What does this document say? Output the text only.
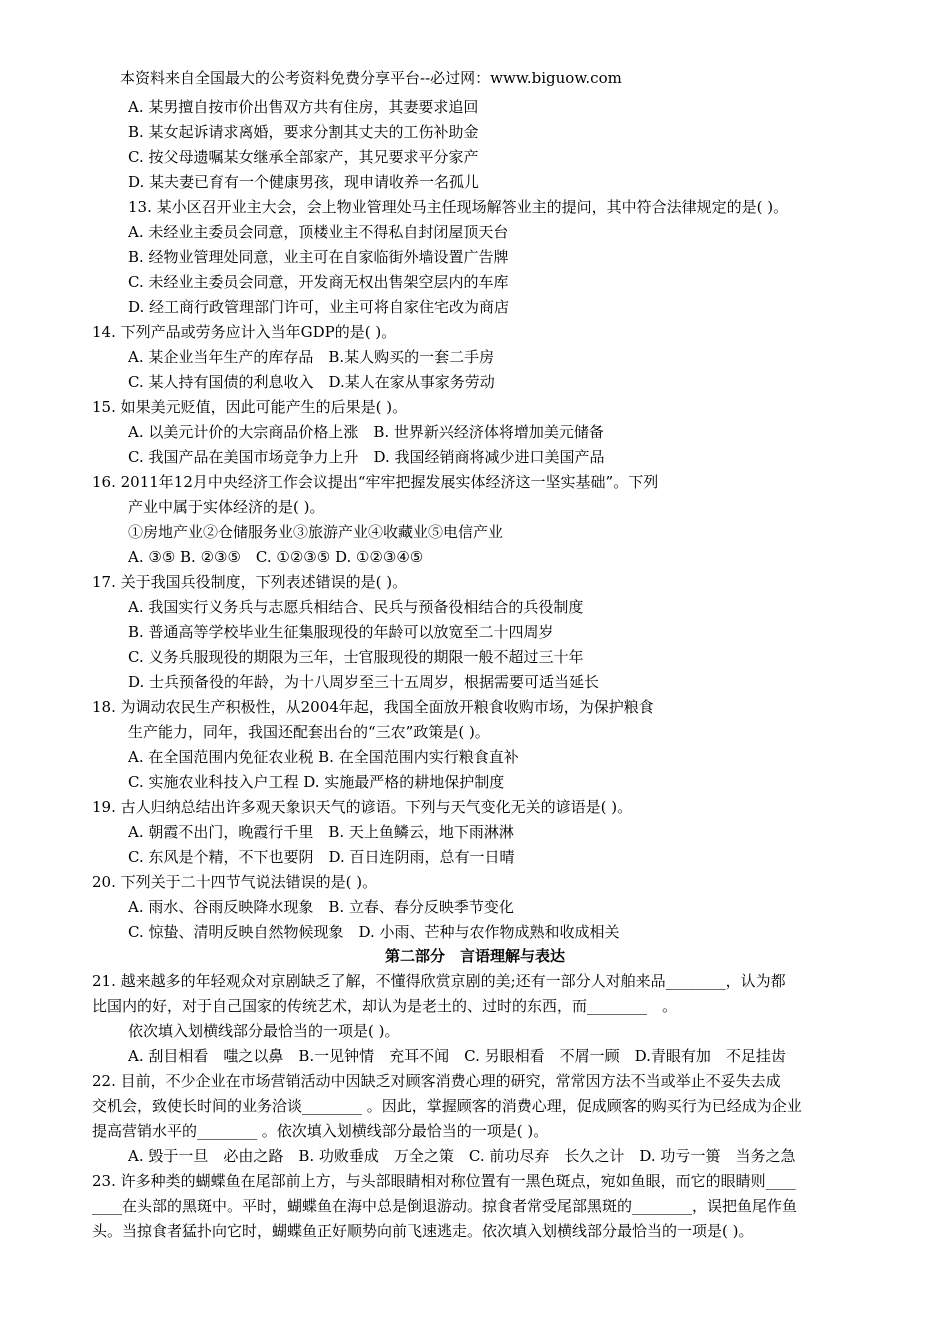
本资料来自全国最大的公考资料免费分享平台--必过网：www.biguow.com
A. 某男擅自按市价出售双方共有住房，其妻要求追回
B. 某女起诉请求离婚，要求分割其丈夫的工伤补助金
C. 按父母遗嘱某女继承全部家产，其兄要求平分家产
D. 某夫妻已育有一个健康男孩，现申请收养一名孤儿
13. 某小区召开业主大会，会上物业管理处马主任现场解答业主的提问，其中符合法律规定的是( )。
A. 未经业主委员会同意，顶楼业主不得私自封闭屋顶天台
B. 经物业管理处同意，业主可在自家临街外墙设置广告牌
C. 未经业主委员会同意，开发商无权出售架空层内的车库
D. 经工商行政管理部门许可，业主可将自家住宅改为商店
14. 下列产品或劳务应计入当年GDP的是( )。
A. 某企业当年生产的库存品　B.某人购买的一套二手房
C. 某人持有国债的利息收入　D.某人在家从事家务劳动
15. 如果美元贬值，因此可能产生的后果是( )。
A. 以美元计价的大宗商品价格上涨　B. 世界新兴经济体将增加美元储备
C. 我国产品在美国市场竞争力上升　D. 我国经销商将减少进口美国产品
16. 2011年12月中央经济工作会议提出“牢牢把握发展实体经济这一坚实基础”。下列
产业中属于实体经济的是( )。
①房地产业②仓储服务业③旅游产业④收藏业⑤电信产业
A. ③⑤ B. ②③⑤　C. ①②③⑤ D. ①②③④⑤
17. 关于我国兵役制度，下列表述错误的是( )。
A. 我国实行义务兵与志愿兵相结合、民兵与预备役相结合的兵役制度
B. 普通高等学校毕业生征集服现役的年龄可以放宽至二十四周岁
C. 义务兵服现役的期限为三年，士官服现役的期限一般不超过三十年
D. 士兵预备役的年龄，为十八周岁至三十五周岁，根据需要可适当延长
18. 为调动农民生产积极性，从2004年起，我国全面放开粮食收购市场，为保护粮食
生产能力，同年，我国还配套出台的“三农”政策是( )。
A. 在全国范围内免征农业税 B. 在全国范围内实行粮食直补
C. 实施农业科技入户工程 D. 实施最严格的耕地保护制度
19. 古人归纳总结出许多观天象识天气的谚语。下列与天气变化无关的谚语是( )。
A. 朝霞不出门，晚霞行千里　B. 天上鱼鳞云，地下雨淋淋
C. 东风是个精，不下也要阴　D. 百日连阴雨，总有一日晴
20. 下列关于二十四节气说法错误的是( )。
A. 雨水、谷雨反映降水现象　B. 立春、春分反映季节变化
C. 惊蛰、清明反映自然物候现象　D. 小雨、芒种与农作物成熟和收成相关
第二部分　言语理解与表达
21. 越来越多的年轻观众对京剧缺乏了解，不懂得欣赏京剧的美;还有一部分人对舶来品________，认为都
比国内的好，对于自己国家的传统艺术，却认为是老土的、过时的东西，而________　。
依次填入划横线部分最恰当的一项是( )。
A. 刮目相看　嗤之以鼻　B.一见钟情　充耳不闻　C. 另眼相看　不屑一顾　D.青眼有加　不足挂齿
22. 目前，不少企业在市场营销活动中因缺乏对顾客消费心理的研究，常常因方法不当或举止不妥失去成
交机会，致使长时间的业务洽谈________ 。因此，掌握顾客的消费心理，促成顾客的购买行为已经成为企业
提高营销水平的________ 。依次填入划横线部分最恰当的一项是( )。
A. 毁于一旦　必由之路　B. 功败垂成　万全之策　C. 前功尽弃　长久之计　D. 功亏一篑　当务之急
23. 许多种类的蝴蝶鱼在尾部前上方，与头部眼睛相对称位置有一黑色斑点，宛如鱼眼，而它的眼睛则____
____在头部的黑斑中。平时，蝴蝶鱼在海中总是倒退游动。掠食者常受尾部黑斑的________，误把鱼尾作鱼
头。当掠食者猛扑向它时，蝴蝶鱼正好顺势向前飞速逃走。依次填入划横线部分最恰当的一项是( )。
